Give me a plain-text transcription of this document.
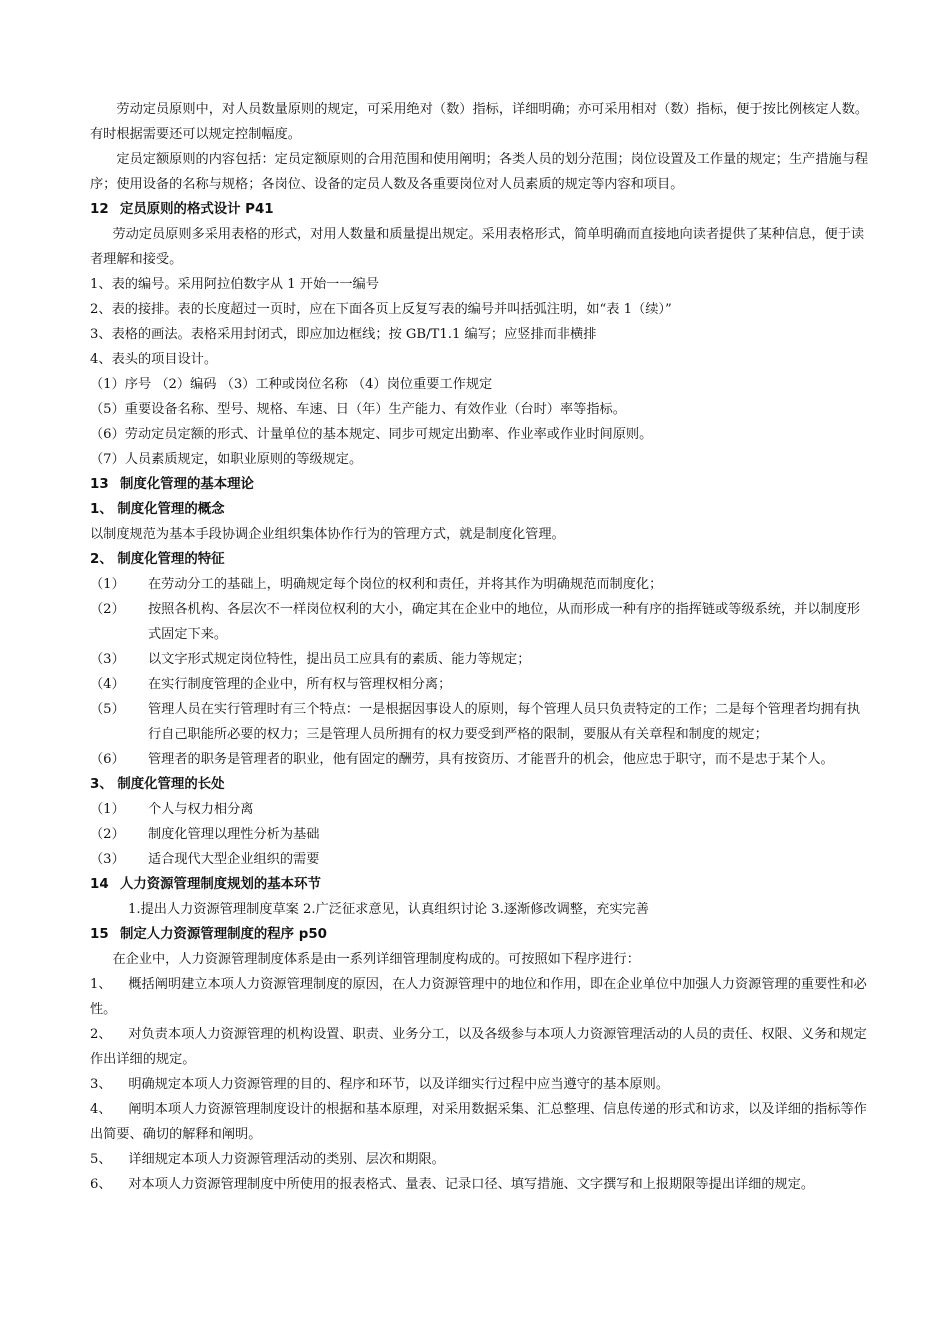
劳动定员原则中，对人员数量原则的规定，可采用绝对（数）指标，详细明确；亦可采用相对（数）指标，便于按比例核定人数。有时根据需要还可以规定控制幅度。

定员定额原则的内容包括：定员定额原则的合用范围和使用阐明；各类人员的划分范围；岗位设置及工作量的规定；生产措施与程序；使用设备的名称与规格；各岗位、设备的定员人数及各重要岗位对人员素质的规定等内容和项目。

12 定员原则的格式设计 P41

劳动定员原则多采用表格的形式，对用人数量和质量提出规定。采用表格形式，简单明确而直接地向读者提供了某种信息，便于读者理解和接受。

1、表的编号。采用阿拉伯数字从 1 开始一一编号

2、表的接排。表的长度超过一页时，应在下面各页上反复写表的编号并叫括弧注明，如“表 1（续）”

3、表格的画法。表格采用封闭式，即应加边框线；按 GB/T1.1 编写；应竖排而非横排

4、表头的项目设计。

（1）序号 （2）编码 （3）工种或岗位名称 （4）岗位重要工作规定

（5）重要设备名称、型号、规格、车速、日（年）生产能力、有效作业（台时）率等指标。

（6）劳动定员定额的形式、计量单位的基本规定、同步可规定出勤率、作业率或作业时间原则。

（7）人员素质规定，如职业原则的等级规定。

13 制度化管理的基本理论

1、 制度化管理的概念

以制度规范为基本手段协调企业组织集体协作行为的管理方式，就是制度化管理。

2、 制度化管理的特征

（1）	在劳动分工的基础上，明确规定每个岗位的权利和责任，并将其作为明确规范而制度化；
（2）	按照各机构、各层次不一样岗位权利的大小，确定其在企业中的地位，从而形成一种有序的指挥链或等级系统，并以制度形式固定下来。
（3）	以文字形式规定岗位特性，提出员工应具有的素质、能力等规定；
（4）	在实行制度管理的企业中，所有权与管理权相分离；
（5）	管理人员在实行管理时有三个特点：一是根据因事设人的原则，每个管理人员只负责特定的工作；二是每个管理者均拥有执行自己职能所必要的权力；三是管理人员所拥有的权力要受到严格的限制，要服从有关章程和制度的规定；
（6）	管理者的职务是管理者的职业，他有固定的酬劳，具有按资历、才能晋升的机会，他应忠于职守，而不是忠于某个人。

3、 制度化管理的长处

（1）	个人与权力相分离
（2）	制度化管理以理性分析为基础
（3）	适合现代大型企业组织的需要

14 人力资源管理制度规划的基本环节

1.提出人力资源管理制度草案 2.广泛征求意见，认真组织讨论 3.逐渐修改调整，充实完善

15 制定人力资源管理制度的程序 p50

在企业中，人力资源管理制度体系是由一系列详细管理制度构成的。可按照如下程序进行：

1、 概括阐明建立本项人力资源管理制度的原因，在人力资源管理中的地位和作用，即在企业单位中加强人力资源管理的重要性和必性。

2、 对负责本项人力资源管理的机构设置、职责、业务分工，以及各级参与本项人力资源管理活动的人员的责任、权限、义务和规定作出详细的规定。

3、 明确规定本项人力资源管理的目的、程序和环节，以及详细实行过程中应当遵守的基本原则。

4、 阐明本项人力资源管理制度设计的根据和基本原理，对采用数据采集、汇总整理、信息传递的形式和访求，以及详细的指标等作出简要、确切的解释和阐明。

5、 详细规定本项人力资源管理活动的类别、层次和期限。

6、 对本项人力资源管理制度中所使用的报表格式、量表、记录口径、填写措施、文字撰写和上报期限等提出详细的规定。
